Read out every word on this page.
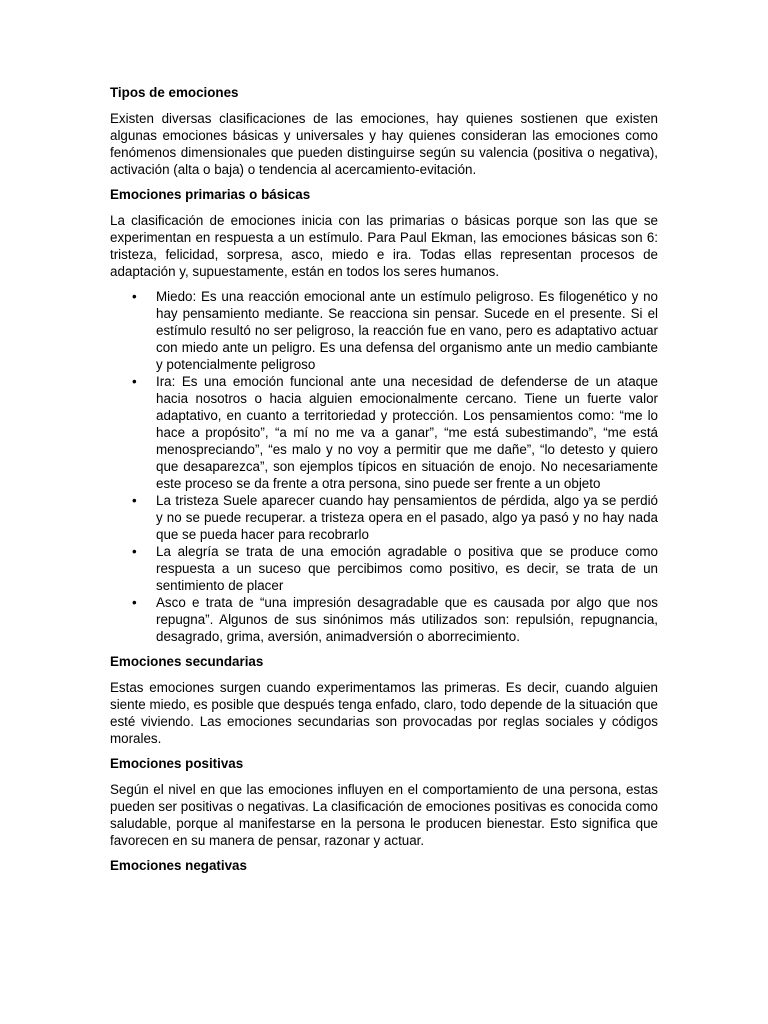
Tipos de emociones

Existen diversas clasificaciones de las emociones, hay quienes sostienen que existen algunas emociones básicas y universales y hay quienes consideran las emociones como fenómenos dimensionales que pueden distinguirse según su valencia (positiva o negativa), activación (alta o baja) o tendencia al acercamiento-evitación.

Emociones primarias o básicas

La clasificación de emociones inicia con las primarias o básicas porque son las que se experimentan en respuesta a un estímulo. Para Paul Ekman, las emociones básicas son 6: tristeza, felicidad, sorpresa, asco, miedo e ira. Todas ellas representan procesos de adaptación y, supuestamente, están en todos los seres humanos.

• Miedo: Es una reacción emocional ante un estímulo peligroso. Es filogenético y no hay pensamiento mediante. Se reacciona sin pensar. Sucede en el presente. Si el estímulo resultó no ser peligroso, la reacción fue en vano, pero es adaptativo actuar con miedo ante un peligro. Es una defensa del organismo ante un medio cambiante y potencialmente peligroso
• Ira: Es una emoción funcional ante una necesidad de defenderse de un ataque hacia nosotros o hacia alguien emocionalmente cercano. Tiene un fuerte valor adaptativo, en cuanto a territoriedad y protección. Los pensamientos como: “me lo hace a propósito”, “a mí no me va a ganar”, “me está subestimando”, “me está menospreciando”, “es malo y no voy a permitir que me dañe”, “lo detesto y quiero que desaparezca”, son ejemplos típicos en situación de enojo. No necesariamente este proceso se da frente a otra persona, sino puede ser frente a un objeto
• La tristeza Suele aparecer cuando hay pensamientos de pérdida, algo ya se perdió y no se puede recuperar. a tristeza opera en el pasado, algo ya pasó y no hay nada que se pueda hacer para recobrarlo
• La alegría se trata de una emoción agradable o positiva que se produce como respuesta a un suceso que percibimos como positivo, es decir, se trata de un sentimiento de placer
• Asco e trata de “una impresión desagradable que es causada por algo que nos repugna”. Algunos de sus sinónimos más utilizados son: repulsión, repugnancia, desagrado, grima, aversión, animadversión o aborrecimiento.
Emociones secundarias

Estas emociones surgen cuando experimentamos las primeras. Es decir, cuando alguien siente miedo, es posible que después tenga enfado, claro, todo depende de la situación que esté viviendo. Las emociones secundarias son provocadas por reglas sociales y códigos morales.

Emociones positivas

Según el nivel en que las emociones influyen en el comportamiento de una persona, estas pueden ser positivas o negativas. La clasificación de emociones positivas es conocida como saludable, porque al manifestarse en la persona le producen bienestar. Esto significa que favorecen en su manera de pensar, razonar y actuar.

Emociones negativas
